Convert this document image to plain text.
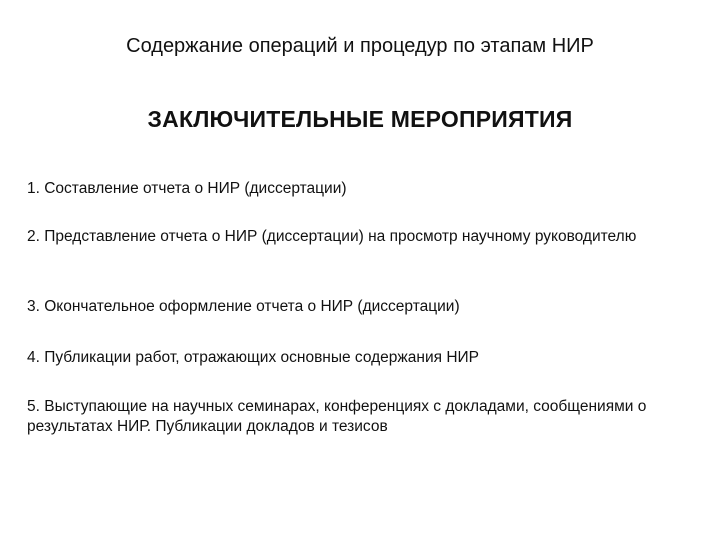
Содержание операций и процедур по этапам НИР
ЗАКЛЮЧИТЕЛЬНЫЕ МЕРОПРИЯТИЯ
1. Составление отчета о НИР (диссертации)
2. Представление отчета о НИР (диссертации) на просмотр научному руководителю
3. Окончательное оформление отчета о НИР (диссертации)
4. Публикации работ, отражающих основные содержания НИР
5. Выступающие на научных семинарах, конференциях с докладами, сообщениями о результатах НИР. Публикации докладов и тезисов
